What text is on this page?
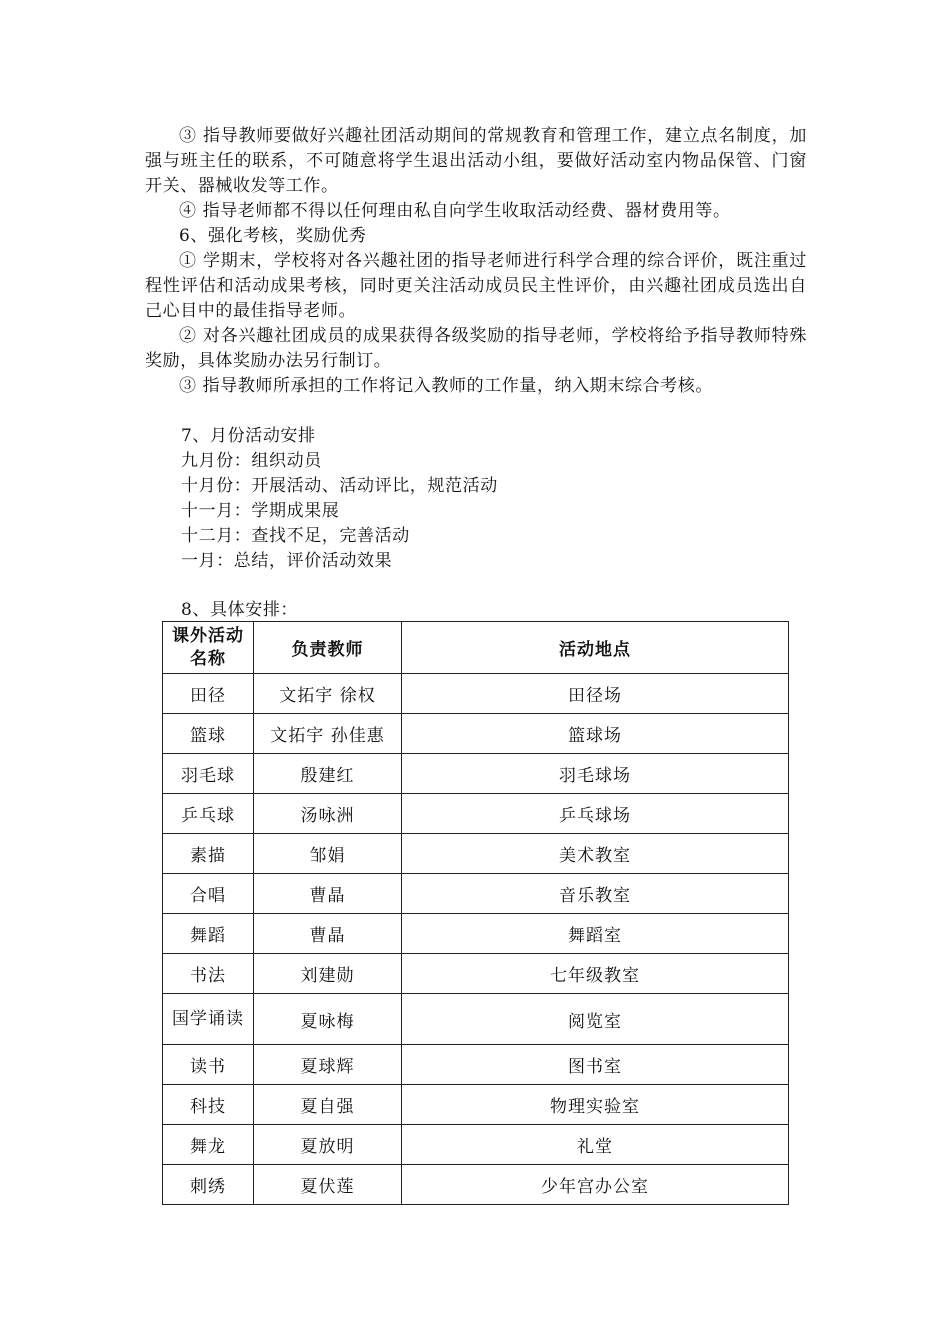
③ 指导教师要做好兴趣社团活动期间的常规教育和管理工作，建立点名制度，加强与班主任的联系，不可随意将学生退出活动小组，要做好活动室内物品保管、门窗开关、器械收发等工作。

④ 指导老师都不得以任何理由私自向学生收取活动经费、器材费用等。

6、强化考核，奖励优秀

① 学期末，学校将对各兴趣社团的指导老师进行科学合理的综合评价，既注重过程性评估和活动成果考核，同时更关注活动成员民主性评价，由兴趣社团成员选出自己心目中的最佳指导老师。

② 对各兴趣社团成员的成果获得各级奖励的指导老师，学校将给予指导教师特殊奖励，具体奖励办法另行制订。

③ 指导教师所承担的工作将记入教师的工作量，纳入期末综合考核。

7、月份活动安排
九月份：组织动员
十月份：开展活动、活动评比，规范活动
十一月：学期成果展
十二月：查找不足，完善活动
一月：总结，评价活动效果
8、具体安排：
课外活动名称	负责教师	活动地点
田径	文拓宇 徐权	田径场
篮球	文拓宇 孙佳惠	篮球场
羽毛球	殷建红	羽毛球场
乒乓球	汤咏洲	乒乓球场
素描	邹娟	美术教室
合唱	曹晶	音乐教室
舞蹈	曹晶	舞蹈室
书法	刘建勋	七年级教室
国学诵读	夏咏梅	阅览室
读书	夏球辉	图书室
科技	夏自强	物理实验室
舞龙	夏放明	礼堂
刺绣	夏伏莲	少年宫办公室
